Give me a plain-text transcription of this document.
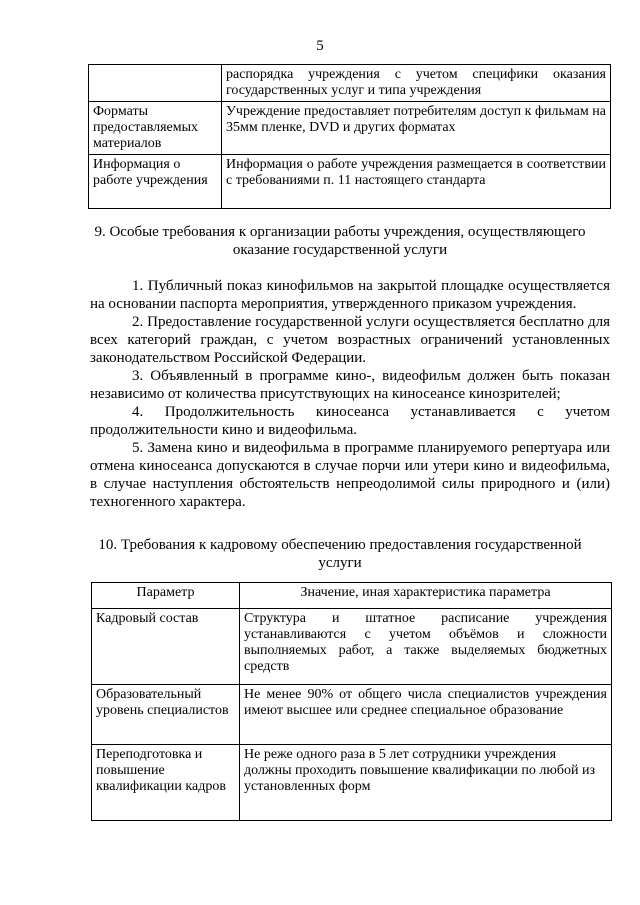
5

	распорядка учреждения с учетом специфики оказания государственных услуг и типа учреждения

Форматы предоставляемых материалов	Учреждение предоставляет потребителям доступ к фильмам на 35мм пленке, DVD и других форматах

Информация о работе учреждения	Информация о работе учреждения размещается в соответствии с требованиями п. 11 настоящего стандарта
9. Особые требования к организации работы учреждения, осуществляющего оказание государственной услуги

1. Публичный показ кинофильмов на закрытой площадке осуществляется на основании паспорта мероприятия, утвержденного приказом учреждения.

2. Предоставление государственной услуги осуществляется бесплатно для всех категорий граждан, с учетом возрастных ограничений установленных законодательством Российской Федерации.

3. Объявленный в программе кино-, видеофильм должен быть показан независимо от количества присутствующих на киносеансе кинозрителей;

4. Продолжительность киносеанса устанавливается с учетом продолжительности кино и видеофильма.

5. Замена кино и видеофильма в программе планируемого репертуара или отмена киносеанса допускаются в случае порчи или утери кино и видеофильма, в случае наступления обстоятельств непреодолимой силы природного и (или) техногенного характера.

10. Требования к кадровому обеспечению предоставления государственной услуги
Параметр	Значение, иная характеристика параметра

Кадровый состав	Структура и штатное расписание учреждения устанавливаются с учетом объёмов и сложности выполняемых работ, а также выделяемых бюджетных средств

Образовательный уровень специалистов	Не менее 90% от общего числа специалистов учреждения имеют высшее или среднее специальное образование

Переподготовка и повышение квалификации кадров	Не реже одного раза в 5 лет сотрудники учреждения должны проходить повышение квалификации по любой из установленных форм
